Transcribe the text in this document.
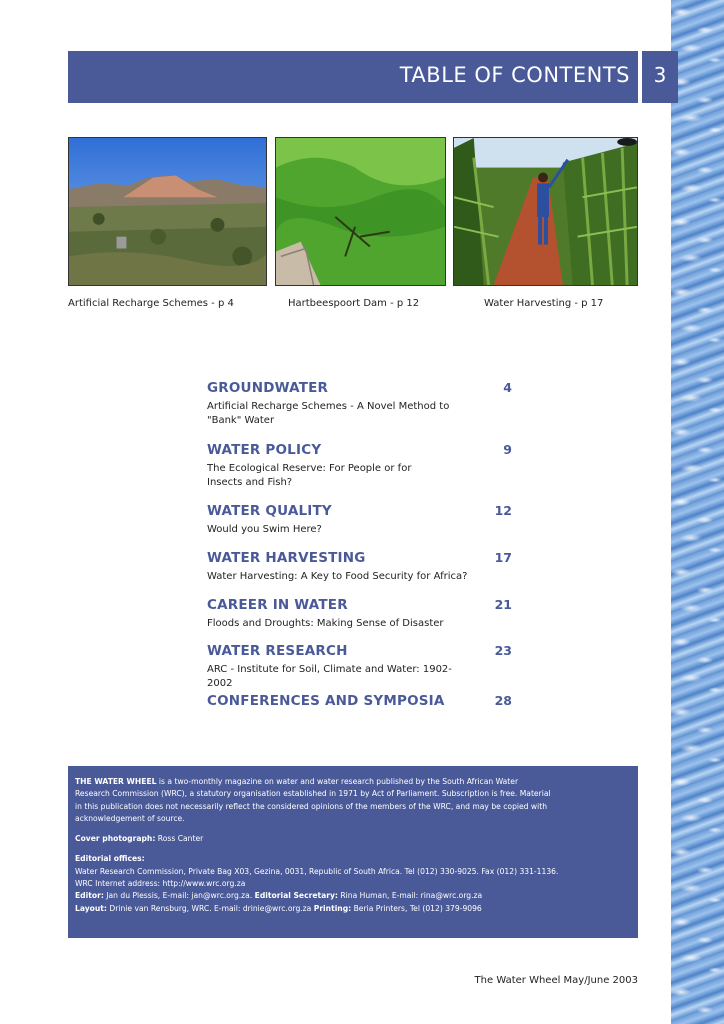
TABLE OF CONTENTS	3
Artificial Recharge Schemes - p 4	Hartbeespoort Dam - p 12	Water Harvesting - p 17
GROUNDWATER	4
Artificial Recharge Schemes - A Novel Method to
"Bank" Water
WATER POLICY	9
The Ecological Reserve: For People or for
Insects and Fish?
WATER QUALITY	12
Would you Swim Here?
WATER HARVESTING	17
Water Harvesting: A Key to Food Security for Africa?
CAREER IN WATER	21
Floods and Droughts: Making Sense of Disaster
WATER RESEARCH	23
ARC - Institute for Soil, Climate and Water: 1902-2002
CONFERENCES AND SYMPOSIA	28

THE WATER WHEEL is a two-monthly magazine on water and water research published by the South African Water
Research Commission (WRC), a statutory organisation established in 1971 by Act of Parliament. Subscription is free. Material
in this publication does not necessarily reflect the considered opinions of the members of the WRC, and may be copied with
acknowledgement of source.

Cover photograph: Ross Canter

Editorial offices:
Water Research Commission, Private Bag X03, Gezina, 0031, Republic of South Africa. Tel (012) 330-9025. Fax (012) 331-1136.
WRC Internet address: http://www.wrc.org.za
Editor: Jan du Plessis, E-mail: jan@wrc.org.za. Editorial Secretary: Rina Human, E-mail: rina@wrc.org.za
Layout: Drinie van Rensburg, WRC. E-mail: drinie@wrc.org.za Printing: Beria Printers, Tel (012) 379-9096

The Water Wheel May/June 2003
